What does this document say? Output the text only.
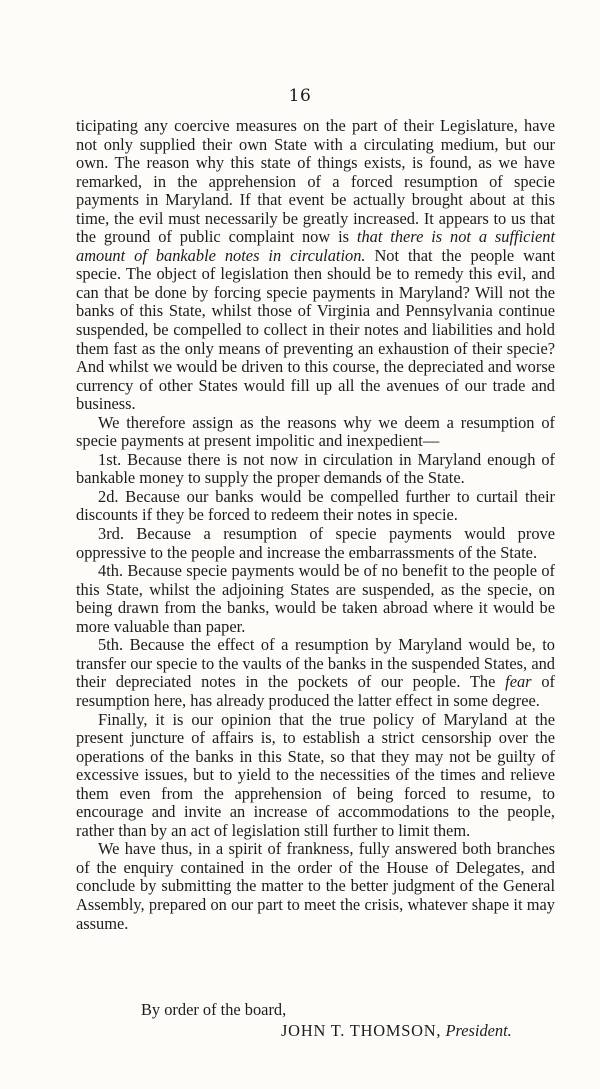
16

ticipating any coercive measures on the part of their Legislature, have not only supplied their own State with a circulating medium, but our own. The reason why this state of things exists, is found, as we have remarked, in the apprehension of a forced resumption of specie payments in Maryland. If that event be actually brought about at this time, the evil must necessarily be greatly increased. It appears to us that the ground of public complaint now is that there is not a sufficient amount of bankable notes in circulation. Not that the people want specie. The object of legislation then should be to remedy this evil, and can that be done by forcing specie payments in Maryland? Will not the banks of this State, whilst those of Virginia and Pennsylvania continue suspended, be compelled to collect in their notes and liabilities and hold them fast as the only means of preventing an exhaustion of their specie? And whilst we would be driven to this course, the depreciated and worse currency of other States would fill up all the avenues of our trade and business.

We therefore assign as the reasons why we deem a resumption of specie payments at present impolitic and inexpedient—

1st. Because there is not now in circulation in Maryland enough of bankable money to supply the proper demands of the State.
2d. Because our banks would be compelled further to curtail their discounts if they be forced to redeem their notes in specie.
3rd. Because a resumption of specie payments would prove oppressive to the people and increase the embarrassments of the State.
4th. Because specie payments would be of no benefit to the people of this State, whilst the adjoining States are suspended, as the specie, on being drawn from the banks, would be taken abroad where it would be more valuable than paper.

5th. Because the effect of a resumption by Maryland would be, to transfer our specie to the vaults of the banks in the suspended States, and their depreciated notes in the pockets of our people. The fear of resumption here, has already produced the latter effect in some degree.

Finally, it is our opinion that the true policy of Maryland at the present juncture of affairs is, to establish a strict censorship over the operations of the banks in this State, so that they may not be guilty of excessive issues, but to yield to the necessities of the times and relieve them even from the apprehension of being forced to resume, to encourage and invite an increase of accommodations to the people, rather than by an act of legislation still further to limit them.

We have thus, in a spirit of frankness, fully answered both branches of the enquiry contained in the order of the House of Delegates, and conclude by submitting the matter to the better judgment of the General Assembly, prepared on our part to meet the crisis, whatever shape it may assume.

By order of the board,
JOHN T. THOMSON, President.
